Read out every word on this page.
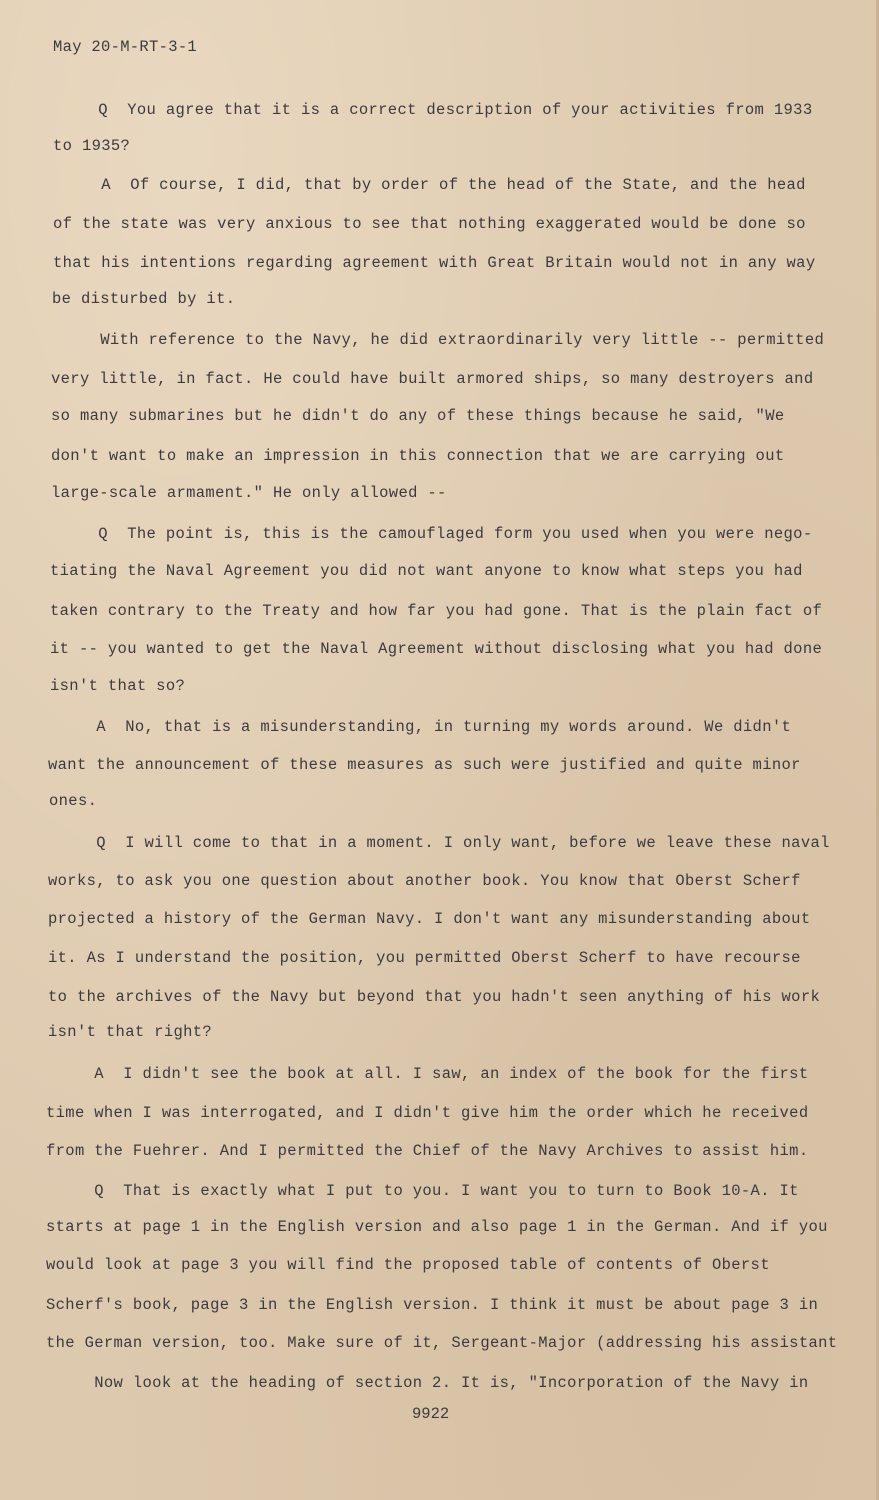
May 20-M-RT-3-1
Q  You agree that it is a correct description of your activities from 1933
to 1935?
A  Of course, I did, that by order of the head of the State, and the head
of the state was very anxious to see that nothing exaggerated would be done so
that his intentions regarding agreement with Great Britain would not in any way
be disturbed by it.
With reference to the Navy, he did extraordinarily very little -- permitted
very little, in fact. He could have built armored ships, so many destroyers and
so many submarines but he didn't do any of these things because he said, "We
don't want to make an impression in this connection that we are carrying out
large-scale armament." He only allowed --
Q  The point is, this is the camouflaged form you used when you were nego-
tiating the Naval Agreement you did not want anyone to know what steps you had
taken contrary to the Treaty and how far you had gone. That is the plain fact of
it -- you wanted to get the Naval Agreement without disclosing what you had done
isn't that so?
A  No, that is a misunderstanding, in turning my words around. We didn't
want the announcement of these measures as such were justified and quite minor
ones.
Q  I will come to that in a moment. I only want, before we leave these naval
works, to ask you one question about another book. You know that Oberst Scherf
projected a history of the German Navy. I don't want any misunderstanding about
it. As I understand the position, you permitted Oberst Scherf to have recourse
to the archives of the Navy but beyond that you hadn't seen anything of his work
isn't that right?
A  I didn't see the book at all. I saw, an index of the book for the first
time when I was interrogated, and I didn't give him the order which he received
from the Fuehrer. And I permitted the Chief of the Navy Archives to assist him.
Q  That is exactly what I put to you. I want you to turn to Book 10-A. It
starts at page 1 in the English version and also page 1 in the German. And if you
would look at page 3 you will find the proposed table of contents of Oberst
Scherf's book, page 3 in the English version. I think it must be about page 3 in
the German version, too. Make sure of it, Sergeant-Major (addressing his assistant
Now look at the heading of section 2. It is, "Incorporation of the Navy in
9922
